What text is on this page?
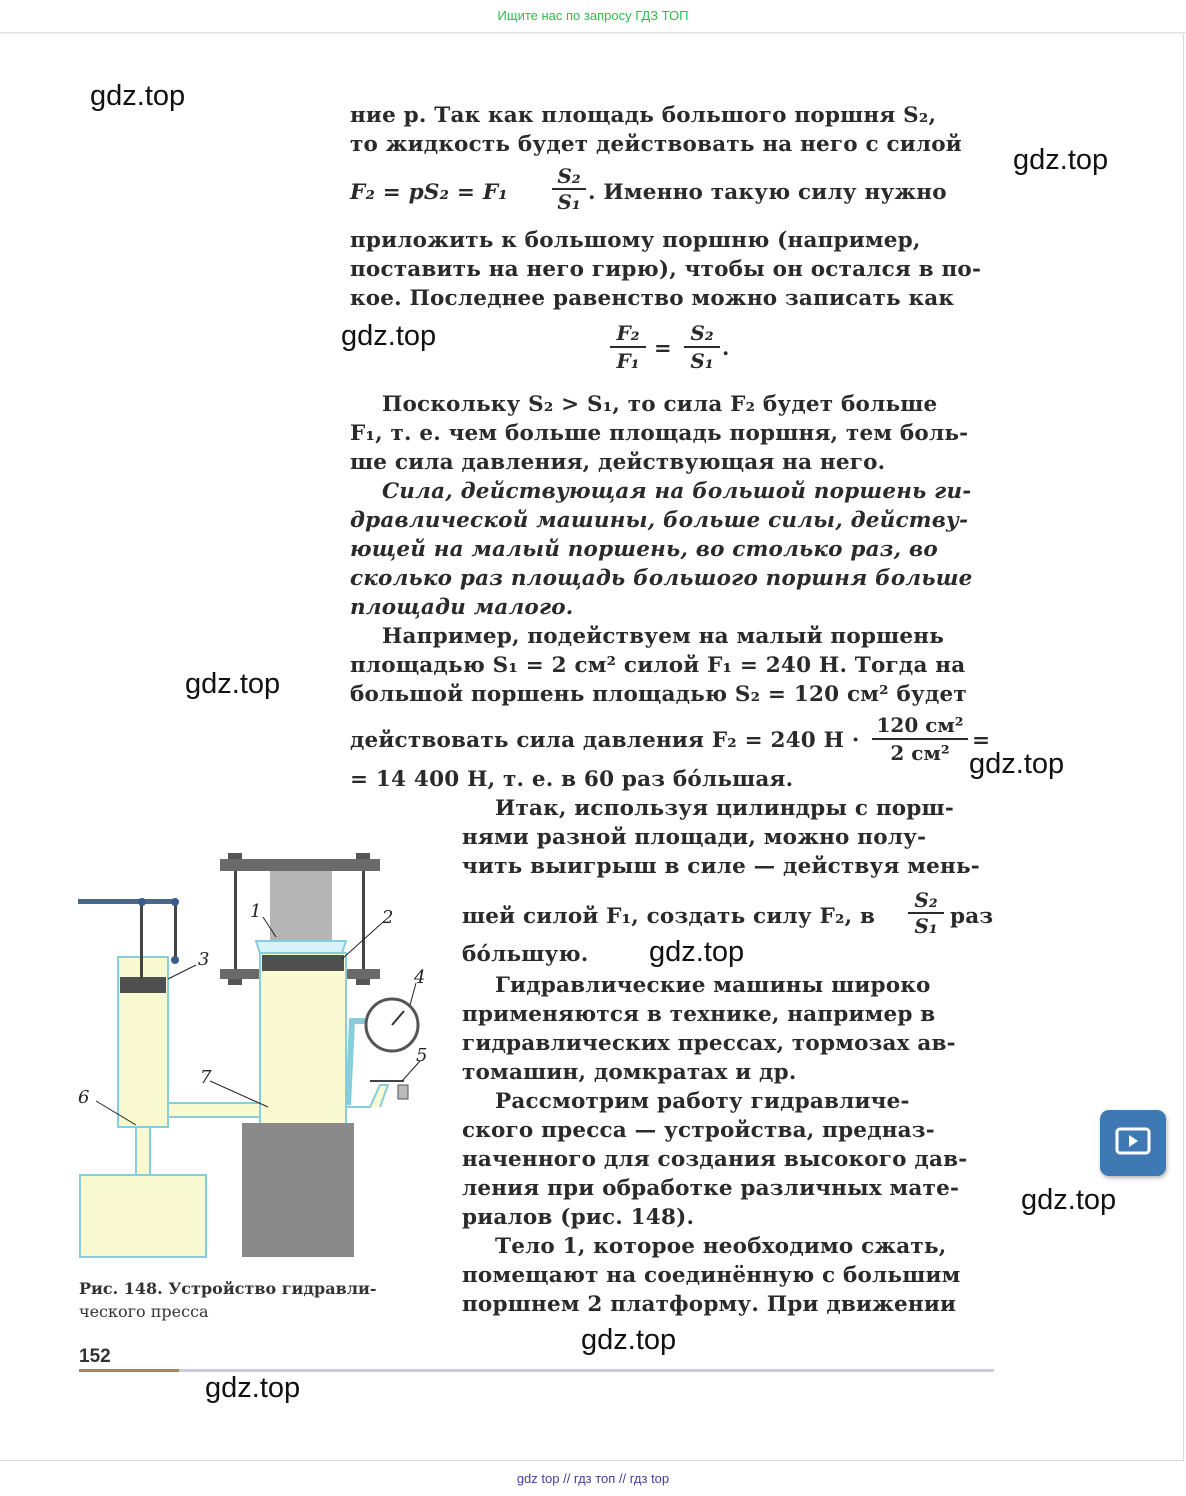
Ищите нас по запросу ГДЗ ТОП
ние p. Так как площадь большого поршня S₂,
то жидкость будет действовать на него с силой
$F_2 = pS_2 = F_1 \frac{\text{S₂}}{\text{S₁}}$ . Именно такую силу нужно
приложить к большому поршню (например,
поставить на него гирю), чтобы он остался в по-
кое. Последнее равенство можно записать как
$\frac{\text{F₂}}{\text{F₁}} = \frac{\text{S₂}}{\text{S₁}}$ .
Поскольку S₂ > S₁, то сила F₂ будет больше
F₁, т. е. чем больше площадь поршня, тем боль-
ше сила давления, действующая на него.
Сила, действующая на большой поршень ги-
дравлической машины, больше силы, действу-
ющей на малый поршень, во столько раз, во
сколько раз площадь большого поршня больше
площади малого.
Например, подействуем на малый поршень
площадью S₁ = 2 см² силой F₁ = 240 Н. Тогда на
большой поршень площадью S₂ = 120 см² будет
действовать сила давления F₂ = 240 Н ·
120 см²
2 см²	=
= 14 400 Н, т. е. в 60 раз бóльшая.
Итак, используя цилиндры с порш-
нями разной площади, можно полу-
чить выигрыш в силе — действуя мень-
шей силой F₁, создать силу F₂, в $\frac{\text{S₂}}{\text{S₁}}$ раз
бóльшую.
Гидравлические машины широко
применяются в технике, например в
гидравлических прессах, тормозах ав-
томашин, домкратах и др.
Рассмотрим работу гидравличе-
ского пресса — устройства, предназ-
наченного для создания высокого дав-
ления при обработке различных мате-
риалов (рис. 148).
Тело 1, которое необходимо сжать,
помещают на соединённую с большим
поршнем 2 платформу. При движении
1	2
3
4
5
6
7
Рис. 148. Устройство гидравли-
ческого пресса
152
gdz.top
gdz.top
gdz.top
gdz.top
gdz.top
gdz.top
gdz.top
gdz.top
gdz.top
gdz top // гдз топ // гдз top
